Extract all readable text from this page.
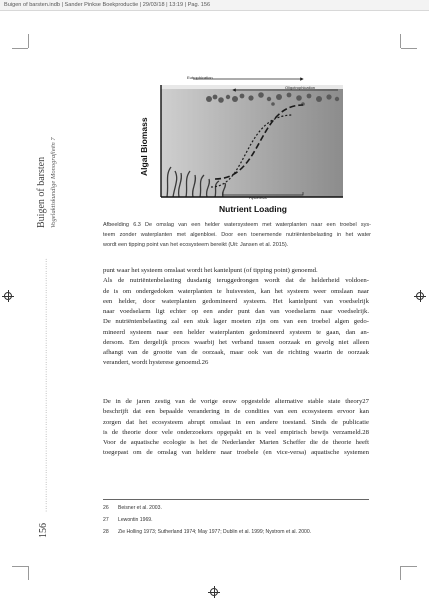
Buigen of barsten.indb | Sander Pinkse Boekproductie | 29/03/18 | 13:19 | Pag. 156
Buigen of barsten Vogelaktiskundige Monografieën 7
··········································································································
156
Eutrophication
Oligotrophication
Hysteresis
Algal Biomass
Nutrient Loading
Afbeelding 6.3 De omslag van een helder watersysteem met waterplanten naar een troebel sys-
teem zonder waterplanten met algenbloei. Door een toenemende nutriëntenbelasting in het water
wordt een tipping point van het ecosysteem bereikt (Uit: Jansen et al. 2015).
punt waar het systeem omslaat wordt het kantelpunt (of tipping point) genoemd.
Als de nutriëntenbelasting dusdanig teruggedrongen wordt dat de helderheid voldoen-
de is om ondergedoken waterplanten te huisvesten, kan het systeem weer omslaan naar
een helder, door waterplanten gedomineerd systeem. Het kantelpunt van voedselrijk
naar voedselarm ligt echter op een ander punt dan van voedselarm naar voedselrijk.
De nutriëntenbelasting zal een stuk lager moeten zijn om van een troebel algen gedo-
mineerd systeem naar een helder waterplanten gedomineerd systeem te gaan, dan an-
dersom. Een dergelijk proces waarbij het verband tussen oorzaak en gevolg niet alleen
afhangt van de grootte van de oorzaak, maar ook van de richting waarin de oorzaak
verandert, wordt hysterese genoemd.26
De in de jaren zestig van de vorige eeuw opgestelde alternative stable state theory27
beschrijft dat een bepaalde verandering in de condities van een ecosysteem ervoor kan
zorgen dat het ecosysteem abrupt omslaat in een andere toestand. Sinds de publicatie
is de theorie door vele onderzoekers opgepakt en is veel empirisch bewijs verzameld.28
Voor de aquatische ecologie is het de Nederlander Marten Scheffer die de theorie heeft
toegepast om de omslag van heldere naar troebele (en vice-versa) aquatische systemen
26 Beisner et al. 2003.
27 Lewontin 1969.
28 Zie Holling 1973; Sutherland 1974; May 1977; Dublin et al. 1999; Nystrom et al. 2000.
